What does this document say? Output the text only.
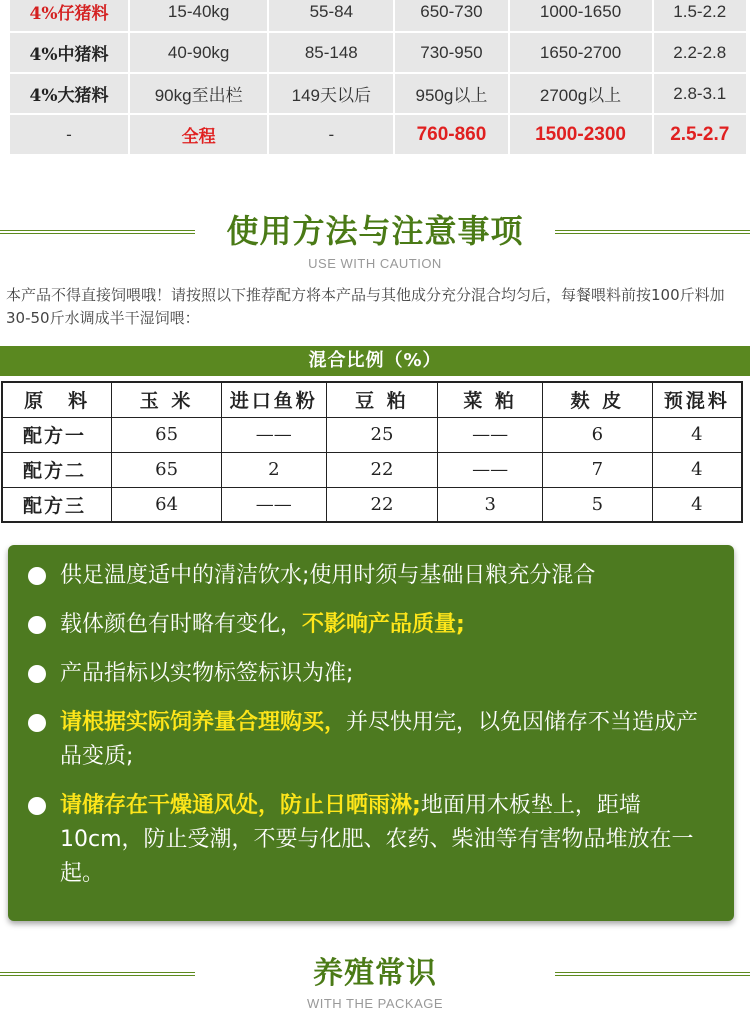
4%仔猪料	15-40kg	55-84	650-730	1000-1650	1.5-2.2
4%中猪料	40-90kg	85-148	730-950	1650-2700	2.2-2.8
4%大猪料	90kg至出栏	149天以后	950g以上	2700g以上	2.8-3.1
-	全程	-	760-860	1500-2300	2.5-2.7
使用方法与注意事项
USE WITH CAUTION
本产品不得直接饲喂哦！请按照以下推荐配方将本产品与其他成分充分混合均匀后，每餐喂料前按100斤料加30-50斤水调成半干湿饲喂：
混合比例（%）
原　料	玉 米	进口鱼粉	豆 粕	菜 粕	麸 皮	预混料
配方一	65	——	25	——	6	4
配方二	65	2	22	——	7	4
配方三	64	——	22	3	5	4
供足温度适中的清洁饮水;使用时须与基础日粮充分混合
载体颜色有时略有变化，不影响产品质量;
产品指标以实物标签标识为准;
请根据实际饲养量合理购买，并尽快用完，以免因储存不当造成产品变质;
请储存在干燥通风处，防止日晒雨淋;地面用木板垫上，距墙10cm，防止受潮，不要与化肥、农药、柴油等有害物品堆放在一起。
养殖常识
WITH THE PACKAGE
